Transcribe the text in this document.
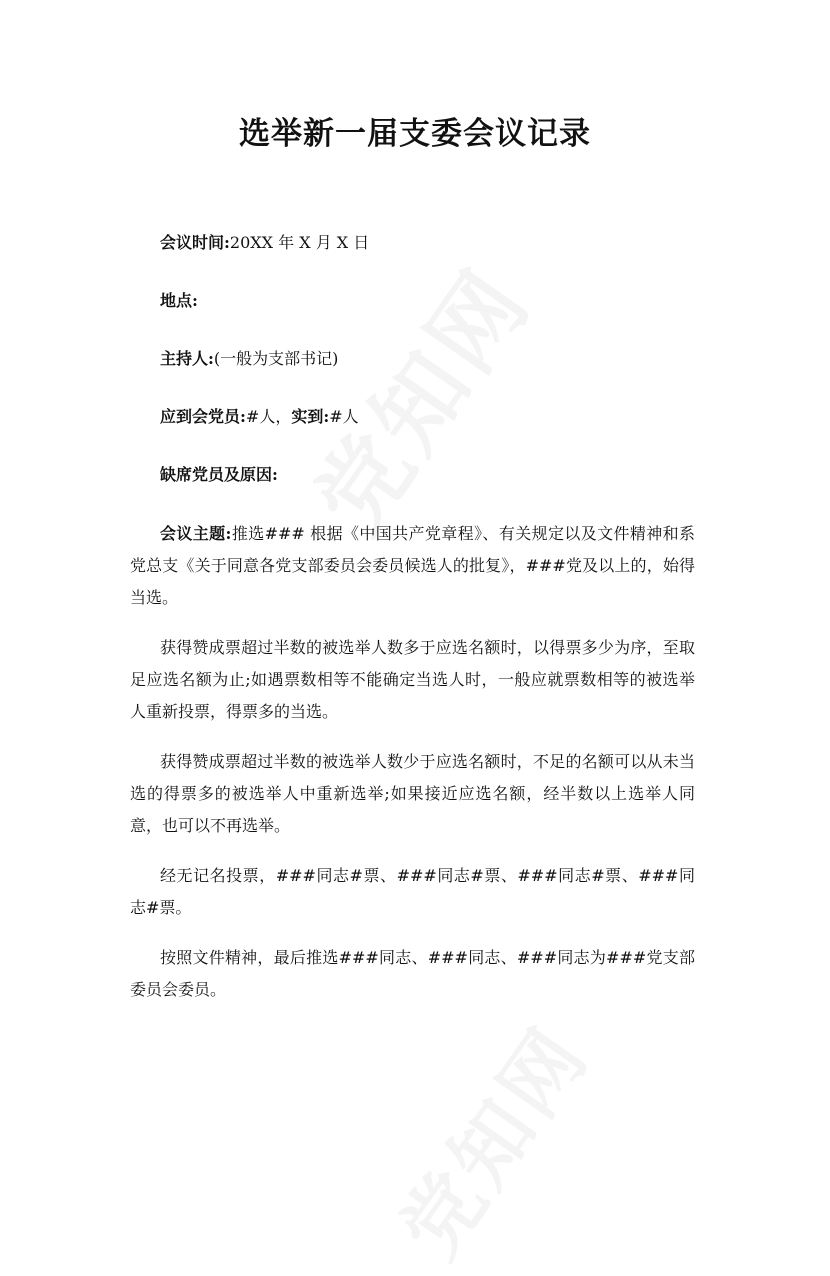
选举新一届支委会议记录

会议时间:20XX 年 X 月 X 日

地点:

主持人:(一般为支部书记)

应到会党员:#人，实到:#人

缺席党员及原因:

会议主题:推选### 根据《中国共产党章程》、有关规定以及文件精神和系党总支《关于同意各党支部委员会委员候选人的批复》，###党及以上的，始得当选。

获得赞成票超过半数的被选举人数多于应选名额时，以得票多少为序，至取足应选名额为止;如遇票数相等不能确定当选人时，一般应就票数相等的被选举人重新投票，得票多的当选。

获得赞成票超过半数的被选举人数少于应选名额时，不足的名额可以从未当选的得票多的被选举人中重新选举;如果接近应选名额，经半数以上选举人同意，也可以不再选举。

经无记名投票，###同志#票、###同志#票、###同志#票、###同志#票。

按照文件精神，最后推选###同志、###同志、###同志为###党支部委员会委员。
